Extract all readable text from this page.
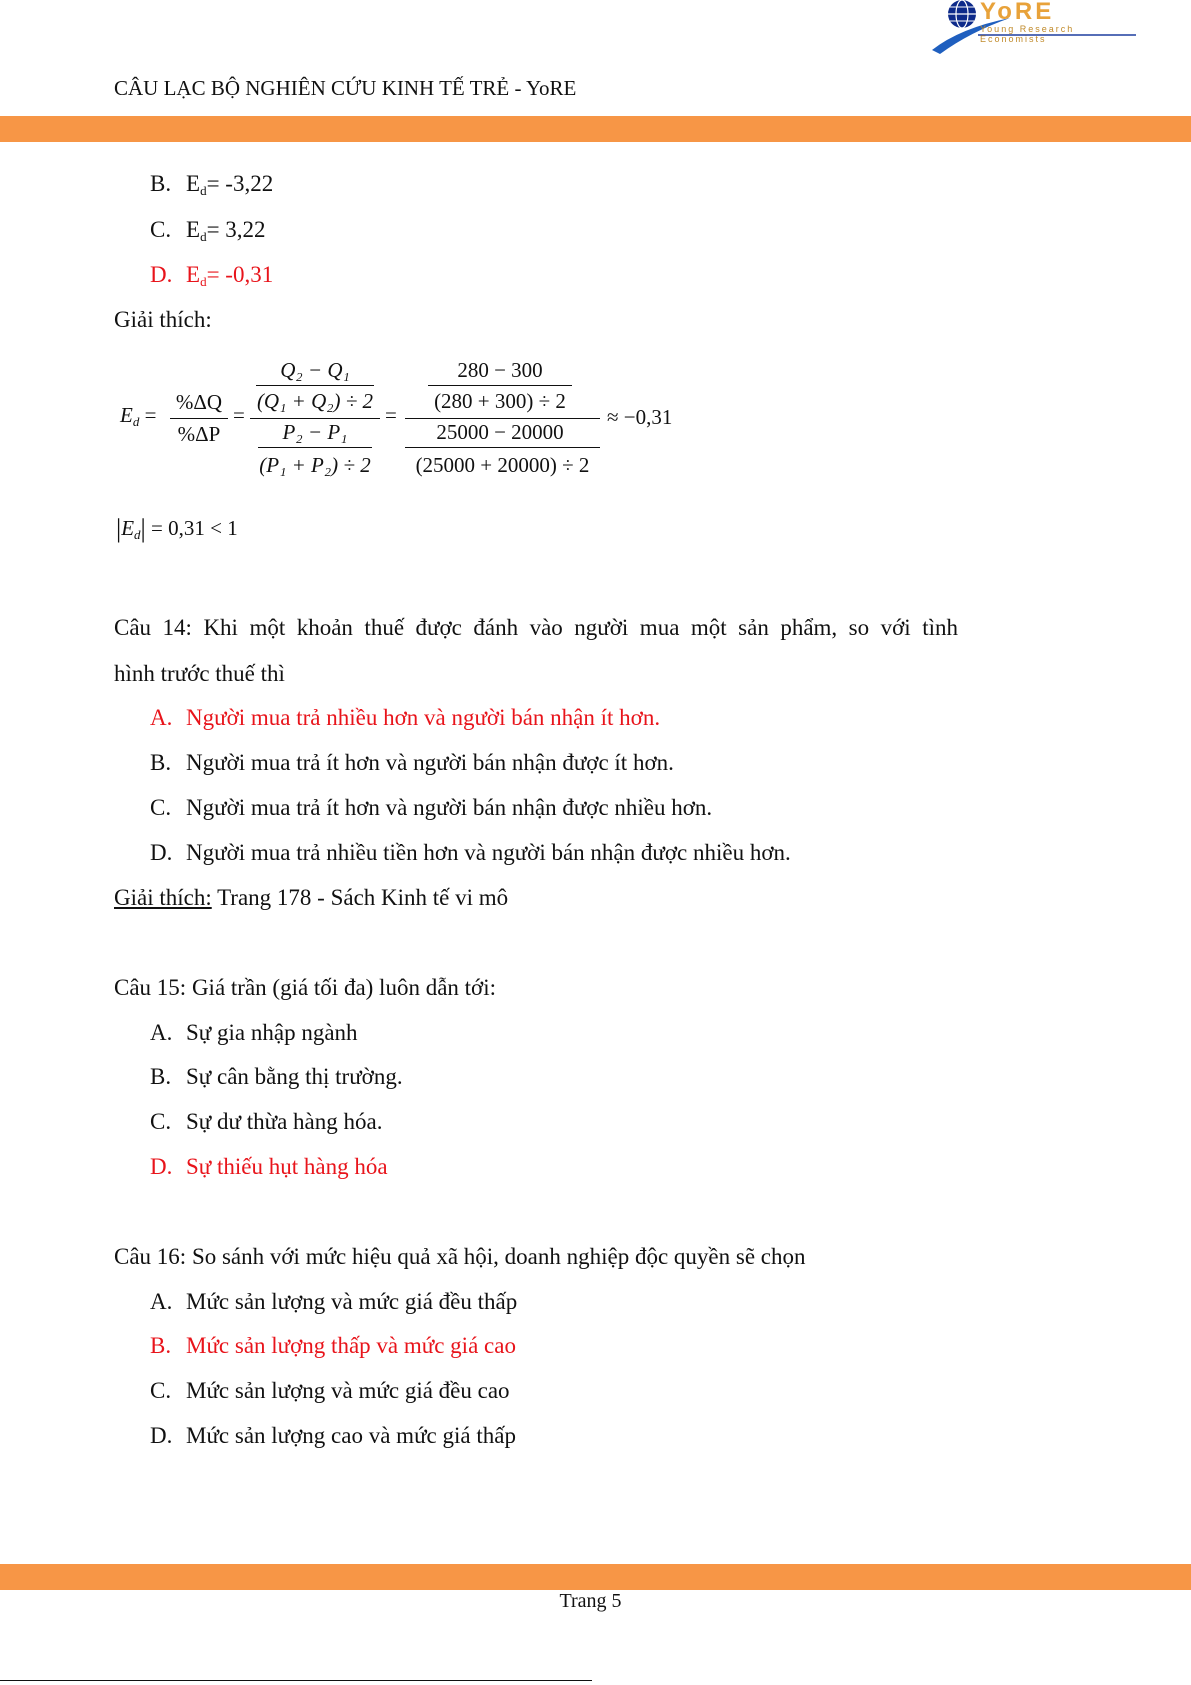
YoRE
Young Research Economists
CÂU LẠC BỘ NGHIÊN CỨU KINH TẾ TRẺ - YoRE
B. $E_d= -3,22$
C. $E_d= 3,22$
D. $E_d= -0,31$
Giải thích:
$E_d$ =
%ΔQ
%ΔP
=
Q₂ − Q₁
(Q₁ + Q₂) ÷ 2
P₂ − P₁
(P₁ + P₂) ÷ 2
=
280 − 300
(280 + 300) ÷ 2
25000 − 20000
(25000 + 20000) ÷ 2
≈ −0,31
$|E_d| = 0,31 < 1$
Câu  14:  Khi  một  khoản  thuế  được  đánh  vào  người  mua  một  sản  phẩm,  so  với  tình
hình trước thuế thì
A. Người mua trả nhiều hơn và người bán nhận ít hơn.
B. Người mua trả ít hơn và người bán nhận được ít hơn.
C. Người mua trả ít hơn và người bán nhận được nhiều hơn.
D. Người mua trả nhiều tiền hơn và người bán nhận được nhiều hơn.
Giải thích: Trang 178 - Sách Kinh tế vi mô
Câu 15: Giá trần (giá tối đa) luôn dẫn tới:
A. Sự gia nhập ngành
B. Sự cân bằng thị trường.
C. Sự dư thừa hàng hóa.
D. Sự thiếu hụt hàng hóa
Câu 16: So sánh với mức hiệu quả xã hội, doanh nghiệp độc quyền sẽ chọn
A. Mức sản lượng và mức giá đều thấp
B. Mức sản lượng thấp và mức giá cao
C. Mức sản lượng và mức giá đều cao
D. Mức sản lượng cao và mức giá thấp
Trang 5
